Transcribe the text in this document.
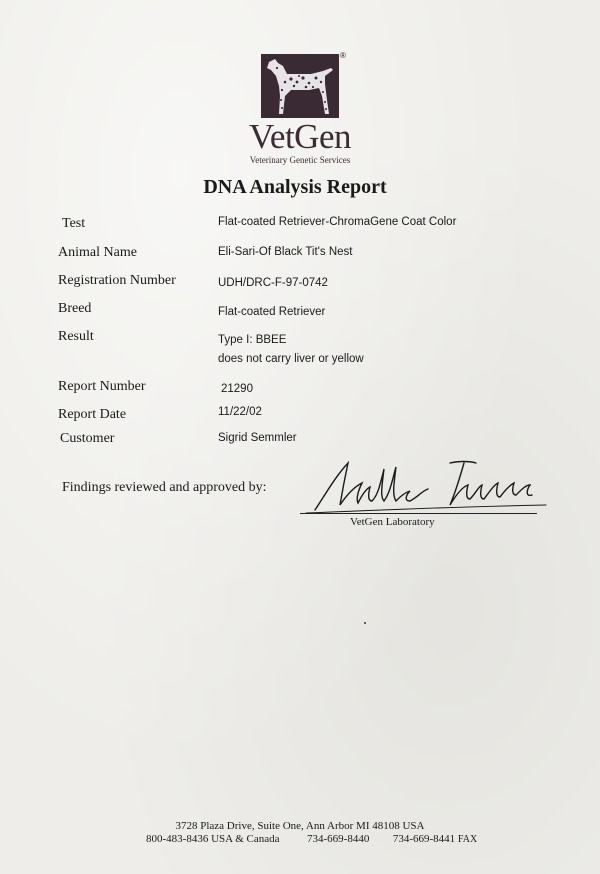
®
VetGen
Veterinary Genetic Services
DNA Analysis Report
Test	Flat-coated Retriever-ChromaGene Coat Color
Animal Name	Eli-Sari-Of Black Tit's Nest
Registration Number	UDH/DRC-F-97-0742
Breed	Flat-coated Retriever
Result	Type I: BBEE
does not carry liver or yellow
Report Number	21290
Report Date	11/22/02
Customer	Sigrid Semmler
Findings reviewed and approved by:
VetGen Laboratory
3728 Plaza Drive, Suite One, Ann Arbor MI 48108 USA
800-483-8436 USA & Canada	734-669-8440 734-669-8441 FAX
